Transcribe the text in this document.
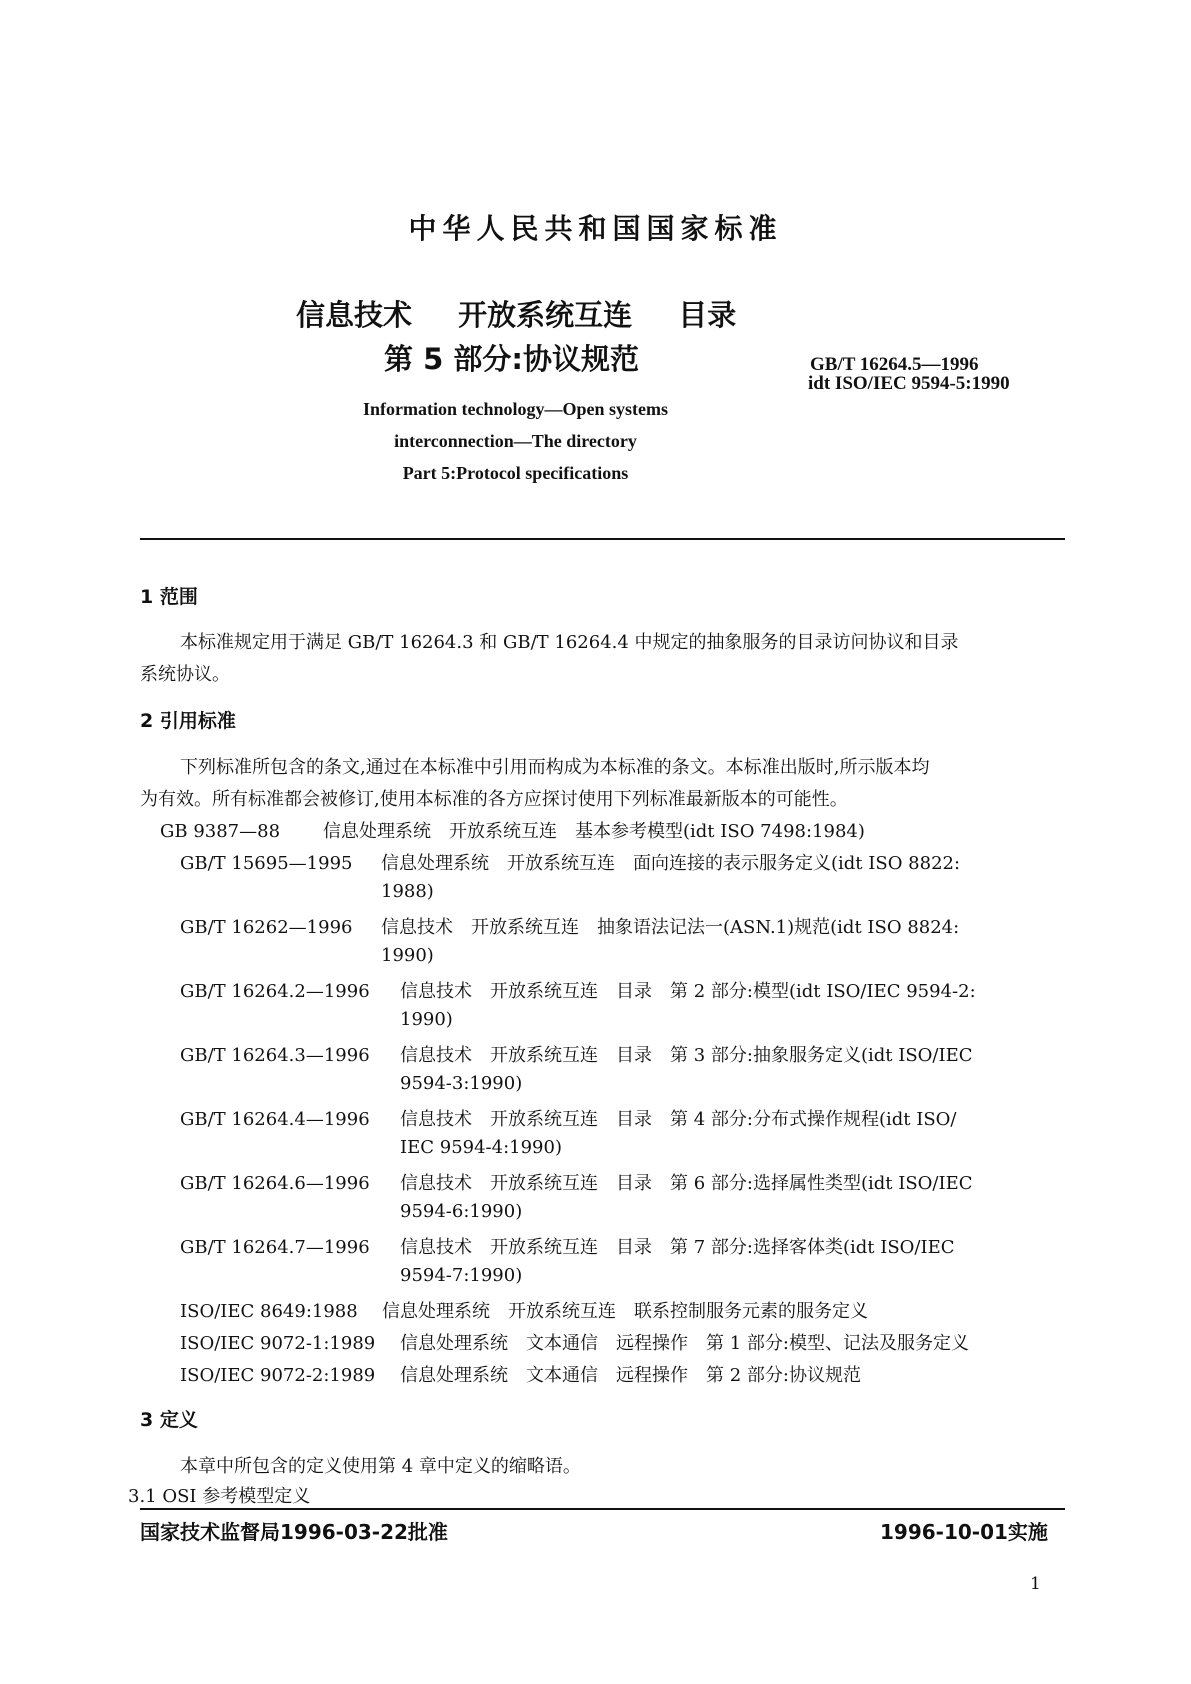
中华人民共和国国家标准
信息技术 开放系统互连 目录
第 5 部分:协议规范	GB/T 16264.5—1996
idt ISO/IEC 9594-5:1990
Information technology—Open systems
interconnection—The directory
Part 5:Protocol specifications
1 范围
本标准规定用于满足 GB/T 16264.3 和 GB/T 16264.4 中规定的抽象服务的目录访问协议和目录
系统协议。
2 引用标准
下列标准所包含的条文,通过在本标准中引用而构成为本标准的条文。本标准出版时,所示版本均
为有效。所有标准都会被修订,使用本标准的各方应探讨使用下列标准最新版本的可能性。
GB 9387—88 信息处理系统　开放系统互连　基本参考模型(idt ISO 7498:1984)
GB/T 15695—1995 信息处理系统　开放系统互连　面向连接的表示服务定义(idt ISO 8822:
1988)
GB/T 16262—1996 信息技术　开放系统互连　抽象语法记法一(ASN.1)规范(idt ISO 8824:
1990)
GB/T 16264.2—1996 信息技术　开放系统互连　目录　第 2 部分:模型(idt ISO/IEC 9594-2:
1990)
GB/T 16264.3—1996 信息技术　开放系统互连　目录　第 3 部分:抽象服务定义(idt ISO/IEC
9594-3:1990)
GB/T 16264.4—1996 信息技术　开放系统互连　目录　第 4 部分:分布式操作规程(idt ISO/
IEC 9594-4:1990)
GB/T 16264.6—1996 信息技术　开放系统互连　目录　第 6 部分:选择属性类型(idt ISO/IEC
9594-6:1990)
GB/T 16264.7—1996 信息技术　开放系统互连　目录　第 7 部分:选择客体类(idt ISO/IEC
9594-7:1990)
ISO/IEC 8649:1988 信息处理系统　开放系统互连　联系控制服务元素的服务定义
ISO/IEC 9072-1:1989 信息处理系统　文本通信　远程操作　第 1 部分:模型、记法及服务定义
ISO/IEC 9072-2:1989 信息处理系统　文本通信　远程操作　第 2 部分:协议规范
3 定义
本章中所包含的定义使用第 4 章中定义的缩略语。
3.1 OSI 参考模型定义
国家技术监督局1996-03-22批准	1996-10-01实施
1
